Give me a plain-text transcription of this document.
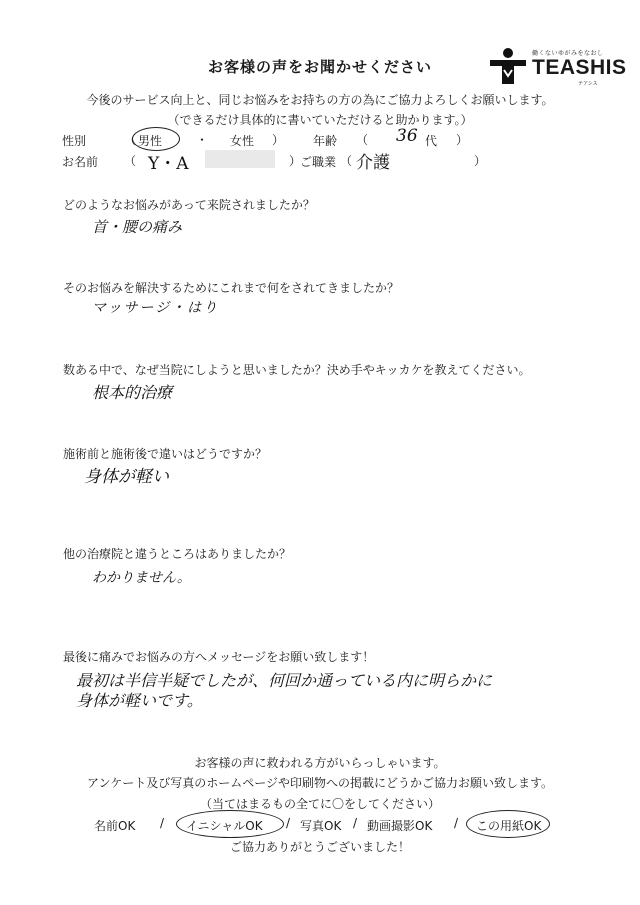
お客様の声をお聞かせください
働くないゆがみをなおし
TEASHIS
テアシス
今後のサービス向上と、同じお悩みをお持ちの方の為にご協力よろしくお願いします。
（できるだけ具体的に書いていただけると助かります。）
性別	（ 男性	・ 女性 ） 年齢 （ 36 代 ）
お名前 （ Y・A	）
ご職業 （ 介護	）
どのようなお悩みがあって来院されましたか？
首・腰の痛み
そのお悩みを解決するためにこれまで何をされてきましたか？
マッサージ・はり
数ある中で、なぜ当院にしようと思いましたか？決め手やキッカケを教えてください。
根本的治療
施術前と施術後で違いはどうですか？
身体が軽い
他の治療院と違うところはありましたか？
わかりません。
最後に痛みでお悩みの方へメッセージをお願い致します！
最初は半信半疑でしたが、何回か通っている内に明らかに
身体が軽いです。
お客様の声に救われる方がいらっしゃいます。
アンケート及び写真のホームページや印刷物への掲載にどうかご協力お願い致します。
（当てはまるもの全てに〇をしてください）
名前OK / イニシャルOK / 写真OK / 動画撮影OK / この用紙OK
ご協力ありがとうございました！
